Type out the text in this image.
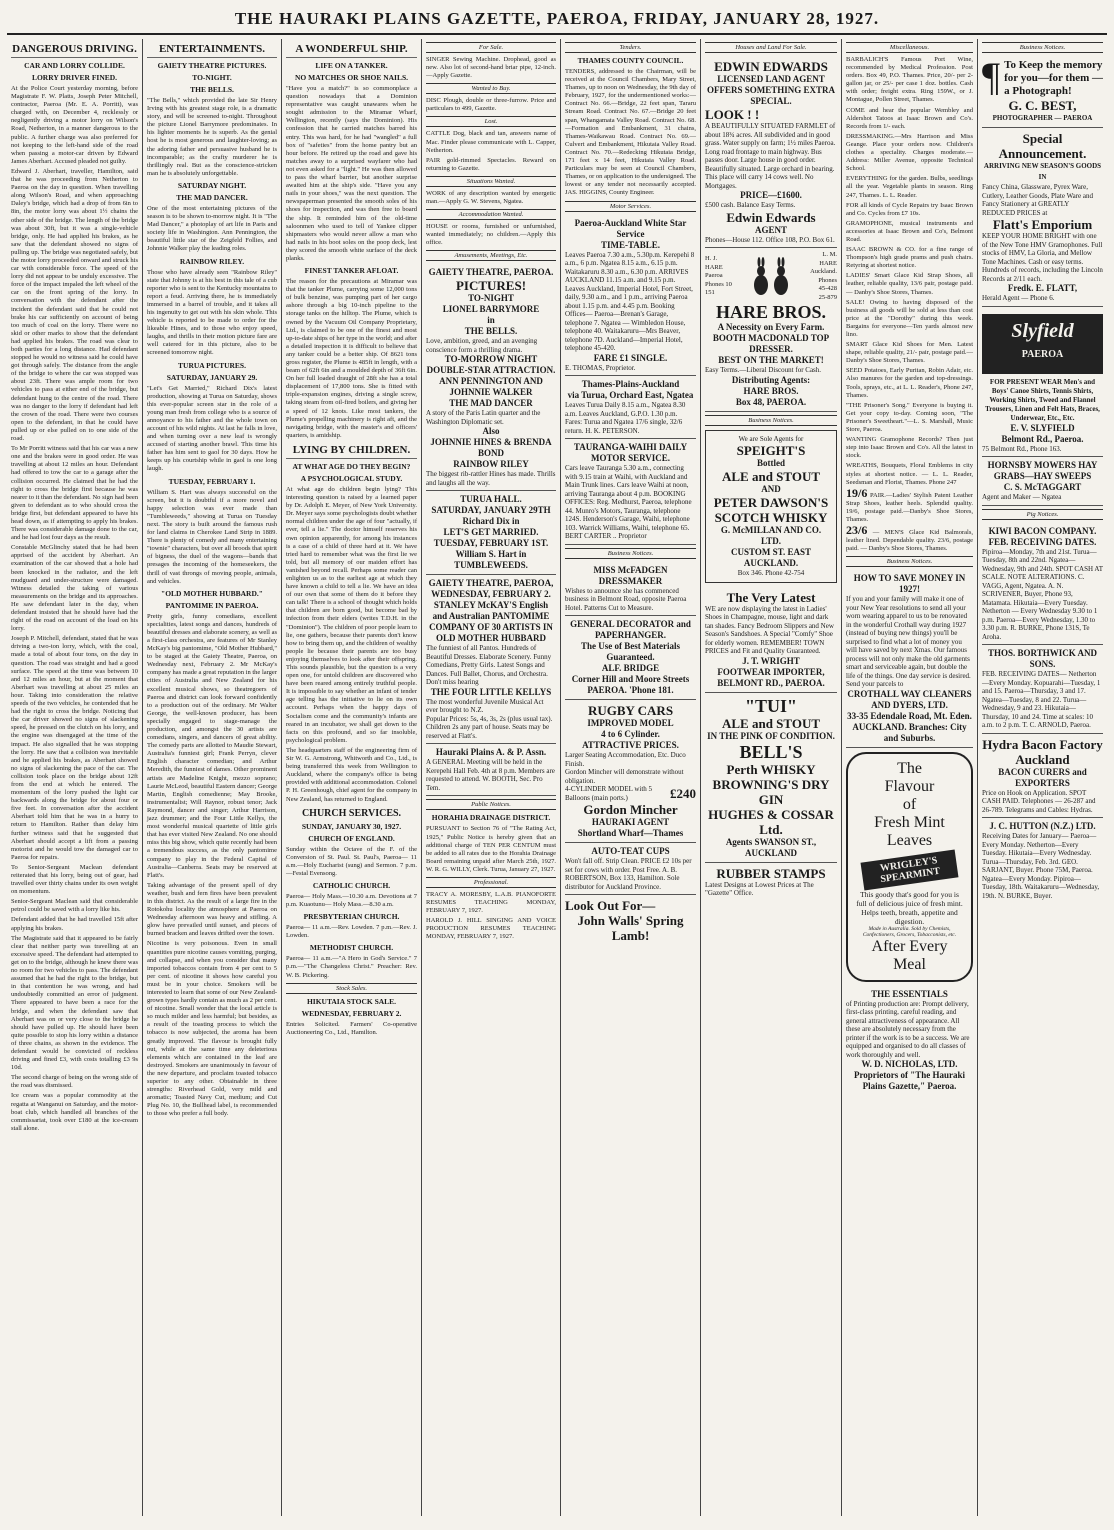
THE HAURAKI PLAINS GAZETTE, PAEROA, FRIDAY, JANUARY 28, 1927.
DANGEROUS DRIVING.
CAR AND LORRY COLLIDE.
LORRY DRIVER FINED.

At the Police Court yesterday morning, before Magistrate F. W. Platts, Joseph Peter Mitchell, contractor, Paeroa (Mr. E. A. Porritt), was charged with, on December 4, recklessly or negligently driving a motor lorry on Wilson's Road, Netherton, in a manner dangerous to the public. A further charge was also preferred for not keeping to the left-hand side of the road when passing a motor-car driven by Edward James Aberhart. Accused pleaded not guilty.

Edward J. Aberhart, traveller, Hamilton, said that he was proceeding from Netherton to Paeroa on the day in question. When travelling along Wilson's Road, and when approaching Daley's bridge, which had a drop of from 6in to 8in, the motor lorry was about 1½ chains the other side of the bridge. The length of the bridge was about 30ft, but it was a single-vehicle bridge, only. He had applied his brakes, as he saw that the defendant showed no signs of pulling up. The bridge was negotiated safely, but the motor lorry proceeded onward and struck his car with considerable force. The speed of the lorry did not appear to be unduly excessive. The force of the impact impaled the left wheel of the car on the front spring of the lorry. In conversation with the defendant after the incident the defendant said that he could not brake his car sufficiently on account of being too much of coal on the lorry. There were no skid or other marks to show that the defendant had applied his brakes. The road was clear to both parties for a long distance. Had defendant stopped he would no witness said he could have got through safely. The distance from the angle of the bridge to where the car was stopped was about 23ft. There was ample room for two vehicles to pass at either end of the bridge, but defendant hung to the centre of the road. There was no danger to the lorry if defendant had left the crown of the road. There were two courses open to the defendant, in that he could have pulled up or else pulled on to one side of the road.

To Mr Porritt witness said that his car was a new one and the brakes were in good order. He was travelling at about 12 miles an hour. Defendant had offered to tow the car to a garage after the collision occurred. He claimed that he had the right to cross the bridge first because he was nearer to it than the defendant. No sign had been given to defendant as to who should cross the bridge first, but defendant appeared to have his head down, as if attempting to apply his brakes. There was considerable damage done to the car, and he had lost four days as the result.

Constable McGlinchy stated that he had been apprised of the accident by Aberhart. An examination of the car showed that a hole had been knocked in the radiator, and the left mudguard and under-structure were damaged. Witness detailed the taking of various measurements on the bridge and its approaches. He saw defendant later in the day, when defendant insisted that he should have had the right of the road on account of the load on his lorry.

Joseph P. Mitchell, defendant, stated that he was driving a two-ton lorry, which, with the coal, made a total of about four tons, on the day in question. The road was straight and had a good surface. The speed at the time was between 10 and 12 miles an hour, but at the moment that Aberhart was travelling at about 25 miles an hour. Taking into consideration the relative speeds of the two vehicles, he contended that he had the right to cross the bridge. Noticing that the car driver showed no signs of slackening speed, he pressed on the clutch on his lorry, and the engine was disengaged at the time of the impact. He also signalled that he was stopping the lorry. He saw that a collision was inevitable and he applied his brakes, as Aberhart showed no signs of slackening the pace of the car. The collision took place on the bridge about 12ft from the end at which he entered. The momentum of the lorry pushed the light car backwards along the bridge for about four or five feet. In conversation after the accident Aberhart told him that he was in a hurry to return to Hamilton. Rather than delay him further witness said that he suggested that Aberhart should accept a lift from a passing motorist and he would tow the damaged car to Paeroa for repairs.

To Senior-Sergeant Maclean defendant reiterated that his lorry, being out of gear, had travelled over thirty chains under its own weight on momentum.

Senior-Sergeant Maclean said that considerable petrol could be saved with a lorry like his.

Defendant added that he had travelled 15ft after applying his brakes.

The Magistrate said that it appeared to be fairly clear that neither party was travelling at an excessive speed. The defendant had attempted to get on to the bridge, although he knew there was no room for two vehicles to pass. The defendant assumed that he had the right to the bridge, but in that contention he was wrong, and had undoubtedly committed an error of judgment. There appeared to have been a race for the bridge, and when the defendant saw that Aberhart was on or very close to the bridge he should have pulled up. He should have been quite possible to stop his lorry within a distance of three chains, as shown in the evidence. The defendant would be convicted of reckless driving and fined £3, with costs totalling £3 9s 10d.

The second charge of being on the wrong side of the road was dismissed.

Ice cream was a popular commodity at the regatta at Wanganui on Saturday, and the motor-boat club, which handled all branches of the commissariat, took over £180 at the ice-cream stall alone.

ENTERTAINMENTS.
GAIETY THEATRE PICTURES.
TO-NIGHT.
THE BELLS.

"The Bells," which provided the late Sir Henry Irving with his greatest stage role, is a dramatic story, and will be screened to-night. Throughout the picture Lionel Barrymore predominates. In his lighter moments he is superb. As the genial host he is most generous and laughter-loving; as the adoring father and persuasive husband he is incomparable; as the crafty murderer he is thrillingly real. But as the conscience-stricken man he is absolutely unforgettable.

SATURDAY NIGHT.
THE MAD DANCER.

One of the most entertaining pictures of the season is to be shown to-morrow night. It is "The Mad Dancer," a photoplay of art life in Paris and society life in Washington. Ann Pennington, the beautiful little star of the Zeigfeld Follies, and Johnnie Walker play the leading roles.

RAINBOW RILEY.

Those who have already seen "Rainbow Riley" state that Johnny is at his best in this tale of a cub reporter who is sent to the Kentucky mountains to report a feud. Arriving there, he is immediately immersed in a barrel of trouble, and it takes all his ingenuity to get out with his skin whole. This vehicle is reported to be made to order for the likeable Hines, and to those who enjoy speed, laughs, and thrills in their motion picture fare are well catered for in this picture, also to be screened tomorrow night.

TURUA PICTURES.
SATURDAY, JANUARY 29.

"Let's Get Married," Richard Dix's latest production, showing at Turua on Saturday, shows this ever-popular screen star in the role of a young man fresh from college who is a source of annoyance to his father and the whole town on account of his wild nights. At last he falls in love, and when turning over a new leaf is wrongly accused of starting another brawl. This time his father has him sent to gaol for 30 days. How he keeps up his courtship while in gaol is one long laugh.

TUESDAY, FEBRUARY 1.

William S. Hart was always successful on the screen, but it is doubtful if a more novel and happy selection was ever made than "Tumbleweeds," showing at Turua on Tuesday next. The story is built around the famous rush for land claims in Cherokee Land Strip in 1889. There is plenty of comedy and many entertaining "townie" characters, but over all broods that spirit of bigness, the duel of the wagons—bands that presages the incoming of the homeseekers, the thrill of vast throngs of moving people, animals, and vehicles.

"OLD MOTHER HUBBARD."
PANTOMIME IN PAEROA.

Pretty girls, funny comedians, excellent specialities, latest songs and dances, hundreds of beautiful dresses and elaborate scenery, as well as a first-class orchestra, are features of Mr Stanley McKay's big pantomime, "Old Mother Hubbard," to be staged at the Gaiety Theatre, Paeroa, on Wednesday next, February 2. Mr McKay's company has made a great reputation in the larger cities of Australia and New Zealand for his excellent musical shows, so theatregoers of Paeroa and district can look forward confidently to a production out of the ordinary. Mr Walter George, the well-known producer, has been specially engaged to stage-manage the production, and amongst the 30 artists are comedians, singers, and dancers of great ability. The comedy parts are allotted to Maudie Stewart, Australia's funniest girl; Frank Perryn, clever English character comedian; and Arthur Meredith, the funniest of dames. Other prominent artists are Madeline Knight, mezzo soprano; Laurie McLeod, beautiful Eastern dancer; George Martin, English comedienne; May Brooke, instrumentalist; Will Raynor, robust tenor; Jack Raymond, dancer and singer; Arthur Harrison, jazz drummer; and the Four Little Kellys, the most wonderful musical quartette of little girls that has ever visited New Zealand. No one should miss this big show, which quite recently had been a tremendous success, as the only pantomime company to play in the Federal Capital of Australia—Canberra. Seats may be reserved at Flatt's.

Taking advantage of the present spell of dry weather, bush and fern fires have been prevalent in this district. As the result of a large fire in the Rotokohu locality the atmosphere at Paeroa on Wednesday afternoon was heavy and stifling. A glow have prevailed until sunset, and pieces of burned bracken and leaves drifted over the town.

Nicotine is very poisonous. Even in small quantities pure nicotine causes vomiting, purging, and collapse, and when you consider that many imported tobaccos contain from 4 per cent to 5 per cent. of nicotine it shows how careful you must be in your choice. Smokers will be interested to learn that some of our New Zealand-grown types hardly contain as much as 2 per cent. of nicotine. Small wonder that the local article is so much milder and less harmful; but besides, as a result of the toasting process to which the tobacco is now subjected, the aroma has been greatly improved. The flavour is brought fully out, while at the same time any deleterious elements which are contained in the leaf are destroyed. Smokers are unanimously in favour of the new departure, and proclaim toasted tobacco superior to any other. Obtainable in three strengths: Riverhead Gold, very mild and aromatic; Toasted Navy Cut, medium; and Cut Plug No. 10, the Bullhead label, is recommended to those who prefer a full body.

A WONDERFUL SHIP.
LIFE ON A TANKER.
NO MATCHES OR SHOE NAILS.

"Have you a match?" is so commonplace a question nowadays that a Dominion representative was caught unawares when he sought admission to the Miramar Wharf, Wellington, recently (says the Dominion). His confession that he carried matches barred his entry. This was hard, for he had "wangled" a full box of "safeties" from the home pantry but an hour before. He retired up the road and gave his matches away to a surprised wayfarer who had not even asked for a "light." He was then allowed to pass the wharf barrier, but another surprise awaited him at the ship's side. "Have you any nails in your shoes," was the next question. The newspaperman presented the smooth soles of his shoes for inspection, and was then free to board the ship. It reminded him of the old-time saloonmen who used to tell of Yankee clipper shipmasters who would never allow a man who had nails in his boot soles on the poop deck, lest they scored the smooth white surface of the deck planks.

FINEST TANKER AFLOAT.

The reason for the precautions at Miramar was that the tanker Plume, carrying some 12,000 tons of bulk benzine, was pumping part of her cargo ashore through a big 10-inch pipeline to the storage tanks on the hilltop. The Plume, which is owned by the Vacuum Oil Company Proprietary, Ltd., is claimed to be one of the finest and most up-to-date ships of her type in the world; and after a detailed inspection it is difficult to believe that any tanker could be a better ship. Of 8621 tons gross register, the Plume is 485ft in length, with a beam of 62ft 6in and a moulded depth of 36ft 6in. On her full loaded draught of 28ft she has a total displacement of 17,800 tons. She is fitted with triple-expansion engines, driving a single screw, taking steam from oil-fired boilers, and giving her a speed of 12 knots. Like most tankers, the Plume's propelling machinery is right aft, and the navigating bridge, with the master's and officers' quarters, is amidship.

LYING BY CHILDREN.
AT WHAT AGE DO THEY BEGIN?
A PSYCHOLOGICAL STUDY.

At what age do children begin lying? This interesting question is raised by a learned paper by Dr. Adolph E. Meyer, of New York University. Dr. Meyer says some psychologists doubt whether normal children under the age of four "actually, if ever, tell a lie." The doctor himself reserves his own opinion apparently, for among his instances is a case of a child of three hard at it. We have tried hard to remember what was the first lie we told, but all memory of our maiden effort has vanished beyond recall. Perhaps some reader can enlighten us as to the earliest age at which they have known a child to tell a lie. We have an idea of our own that some of them do it before they can talk! There is a school of thought which holds that children are born good, but become bad by infection from their elders (writes T.D.H. in the "Dominion"). The children of poor people learn to lie, one gathers, because their parents don't know how to bring them up, and the children of wealthy people lie because their parents are too busy enjoying themselves to look after their offspring. This sounds plausible, but the question is a very open one, for untold children are discovered who have been reared among entirely truthful people. It is impossible to say whether an infant of tender age telling has the initiative to lie on its own account. Perhaps when the happy days of Socialism come and the community's infants are reared in an incubator, we shall get down to the facts on this profound, and so far insoluble, psychological problem.

The headquarters staff of the engineering firm of Sir W. G. Armstrong, Whitworth and Co., Ltd., is being transferred this week from Wellington to Auckland, where the company's office is being provided with additional accommodation. Colonel P. H. Greenhough, chief agent for the company in New Zealand, has returned to England.

CHURCH SERVICES.
SUNDAY, JANUARY 30, 1927.
CHURCH OF ENGLAND.

Sunday within the Octave of the F. of the Conversion of St. Paul. St. Paul's, Paeroa— 11 a.m.—Holy Eucharist (sung) and Sermon. 7 p.m.—Festal Evensong.

CATHOLIC CHURCH.

Paeroa— Holy Mass.—10.30 a.m. Devotions at 7 p.m. Kuaotunu— Holy Mass.—8.30 a.m.

PRESBYTERIAN CHURCH.

Paeroa— 11 a.m.—Rev. Lowden. 7 p.m.—Rev. J. Lowden.

METHODIST CHURCH.

Paeroa— 11 a.m.—"A Hero in God's Service." 7 p.m.—"The Changeless Christ." Preacher: Rev. W. B. Pickering.

Stock Sales.
HIKUTAIA STOCK SALE.
WEDNESDAY, FEBRUARY 2.

Entries Solicited. Farmers' Co-operative Auctioneering Co., Ltd., Hamilton.

For Sale.

SINGER Sewing Machine. Drophead, good as new. Also lot of second-hand briar pipe, 12-inch.—Apply Gazette.

Wanted to Buy.

DISC Plough, double or three-furrow. Price and particulars to 499, Gazette.

Lost.

CATTLE Dog, black and tan, answers name of Mac. Finder please communicate with L. Capper, Netherton.

PAIR gold-rimmed Spectacles. Reward on returning to Gazette.

Situations Wanted.

WORK of any description wanted by energetic man.—Apply G. W. Stevens, Ngatea.

Accommodation Wanted.

HOUSE or rooms, furnished or unfurnished, wanted immediately; no children.—Apply this office.

Amusements, Meetings, Etc.
GAIETY THEATRE, PAEROA.
PICTURES!
TO-NIGHT
LIONEL BARRYMORE
in
THE BELLS.
Love, ambition, greed, and an avenging conscience form a thrilling drama.
TO-MORROW NIGHT
DOUBLE-STAR ATTRACTION.
ANN PENNINGTON AND JOHNNIE WALKER
THE MAD DANCER
A story of the Paris Latin quarter and the Washington Diplomatic set.
Also
JOHNNIE HINES & BRENDA BOND
RAINBOW RILEY
The biggest rib-rattler Hines has made. Thrills and laughs all the way.
TURUA HALL.
SATURDAY, JANUARY 29TH
Richard Dix in
LET'S GET MARRIED.
TUESDAY, FEBRUARY 1ST.
William S. Hart in
TUMBLEWEEDS.
GAIETY THEATRE, PAEROA,
WEDNESDAY, FEBRUARY 2.
STANLEY McKAY'S English and Australian PANTOMIME COMPANY OF 30 ARTISTS IN
OLD MOTHER HUBBARD
The funniest of all Pantos. Hundreds of Beautiful Dresses. Elaborate Scenery. Funny Comedians, Pretty Girls. Latest Songs and Dances. Full Ballet, Chorus, and Orchestra. Don't miss hearing
THE FOUR LITTLE KELLYS
The most wonderful Juvenile Musical Act ever brought to N.Z.
Popular Prices: 5s, 4s, 3s, 2s (plus usual tax). Children 2s any part of house. Seats may be reserved at Flatt's.
Hauraki Plains A. & P. Assn.
A GENERAL Meeting will be held in the Kerepehi Hall Feb. 4th at 8 p.m. Members are requested to attend. W. BOOTH, Sec. Pro Tem.
Public Notices.
HORAHIA DRAINAGE DISTRICT.

PURSUANT to Section 76 of "The Rating Act, 1925," Public Notice is hereby given that an additional charge of TEN PER CENTUM must be added to all rates due to the Horahia Drainage Board remaining unpaid after March 25th, 1927. W. R. G. WILLY, Clerk. Turua, January 27, 1927.

Professional.

TRACY A. MORESBY, L.A.B. PIANOFORTE RESUMES TEACHING MONDAY, FEBRUARY 7, 1927.

HAROLD J. HILL SINGING AND VOICE PRODUCTION RESUMES TEACHING MONDAY, FEBRUARY 7, 1927.

Tenders.
THAMES COUNTY COUNCIL.

TENDERS, addressed to the Chairman, will be received at the Council Chambers, Mary Street, Thames, up to noon on Wednesday, the 9th day of February, 1927, for the undermentioned works:— Contract No. 66.—Bridge, 22 feet span, Tararu Stream Road. Contract No. 67.—Bridge 20 feet span, Whangamata Valley Road. Contract No. 68.—Formation and Embankment, 31 chains, Thames-Waikawau Road. Contract No. 69.—Culvert and Embankment, Hikutaia Valley Road. Contract No. 70.—Redecking Hikutaia Bridge, 171 feet x 14 feet, Hikutaia Valley Road. Particulars may be seen at Council Chambers, Thames, or on application to the undersigned. The lowest or any tender not necessarily accepted. JAS. HIGGINS, County Engineer.

Motor Services.
Paeroa-Auckland White Star Service
TIME-TABLE.
Leaves Paeroa 7.30 a.m., 5.30p.m. Kerepehi 8 a.m., 6 p.m. Ngatea 8.15 a.m., 6.15 p.m. Waitakaruru 8.30 a.m., 6.30 p.m. ARRIVES AUCKLAND 11.15 a.m. and 9.15 p.m. Leaves Auckland, Imperial Hotel, Fort Street, daily, 9.30 a.m., and 1 p.m., arriving Paeroa about 1.15 p.m. and 4.45 p.m. Booking Offices— Paeroa—Brenan's Garage, telephone 7. Ngatea — Wimbledon House, telephone 40. Waitakaruru—Mrs Beaver, telephone 7D. Auckland—Imperial Hotel, telephone 45-420.
FARE £1 SINGLE.
E. THOMAS, Proprietor.
Thames-Plains-Auckland
via Turua, Orchard East, Ngatea
Leaves Turua Daily 8.15 a.m., Ngatea 8.30 a.m. Leaves Auckland, G.P.O. 1.30 p.m. Fares: Turua and Ngatea 17/6 single, 32/6 return. H. K. PETERSON.
TAURANGA-WAIHI DAILY MOTOR SERVICE.
Cars leave Tauranga 5.30 a.m., connecting with 9.15 train at Waihi, with Auckland and Main Trunk lines. Cars leave Waihi at noon, arriving Tauranga about 4 p.m. BOOKING OFFICES: Reg. Medhurst, Paeroa, telephone 44. Munro's Motors, Tauranga, telephone 124S. Henderson's Garage, Waihi, telephone 103. Warrick Williams, Waihi, telephone 65. BERT CARTER .. Proprietor
Business Notices.
MISS McFADGEN DRESSMAKER
Wishes to announce she has commenced business in Belmont Road, opposite Paeroa Hotel. Patterns Cut to Measure.
GENERAL DECORATOR and PAPERHANGER.
The Use of Best Materials Guaranteed.
ALF. BRIDGE
Corner Hill and Moore Streets PAEROA. 'Phone 181.
RUGBY CARS
IMPROVED MODEL
4 to 6 Cylinder.
ATTRACTIVE PRICES.
Larger Seating Accommodation, Etc. Duco Finish.
Gordon Mincher will demonstrate without obligation.
4-CYLINDER MODEL with 5 Balloons (main ports.)	£240
Gordon Mincher
HAURAKI AGENT
Shortland Wharf—Thames
AUTO-TEAT CUPS
Won't fall off. Strip Clean. PRICE £2 10s per set for cows with order. Post Free. A. B. ROBERTSON, Box 133, Hamilton. Sole distributor for Auckland Province.
Look Out For—
John Walls' Spring Lamb!
Houses and Land For Sale.
EDWIN EDWARDS
LICENSED LAND AGENT OFFERS SOMETHING EXTRA SPECIAL.
LOOK ! !
A BEAUTIFULLY SITUATED FARMLET of about 18¾ acres. All subdivided and in good grass. Water supply on farm; 1½ miles Paeroa. Long road frontage to main highway. Bus passes door. Large house in good order. Beautifully situated. Large orchard in bearing. This place will carry 14 cows well. No Mortgages.
PRICE—£1600.
£500 cash. Balance Easy Terms.
Edwin Edwards
AGENT
Phones—House 112. Office 108, P.O. Box 61.
H. J. HARE Paeroa Phones 10 151
L. M. HARE Auckland. Phones 45-428 25-879
HARE BROS.
A Necessity on Every Farm.
BOOTH MACDONALD TOP DRESSER.
BEST ON THE MARKET!
Easy Terms.—Liberal Discount for Cash.
Distributing Agents:
HARE BROS.
Box 48, PAEROA.
Business Notices.
We are Sole Agents for
SPEIGHT'S
Bottled
ALE and STOUT
AND
PETER DAWSON'S
SCOTCH WHISKY
G. McMILLAN AND CO. LTD.
CUSTOM ST. EAST AUCKLAND.
Box 346. Phone 42-754
The Very Latest
WE are now displaying the latest in Ladies' Shoes in Champagne, mouse, light and dark tan shades. Fancy Bedroom Slippers and New Season's Sandshoes. A Special "Comfy" Shoe for elderly women. REMEMBER! TOWN PRICES and Fit and Quality Guaranteed.
J. T. WRIGHT
FOOTWEAR IMPORTER, BELMONT RD., PAEROA.
"TUI"
ALE and STOUT
IN THE PINK OF CONDITION.
BELL'S
Perth WHISKY
BROWNING'S DRY GIN
HUGHES & COSSAR Ltd.
Agents SWANSON ST., AUCKLAND
RUBBER STAMPS
Latest Designs at Lowest Prices at The "Gazette" Office.
Miscellaneous.

BARBALICH'S Famous Port Wine, recommended by Medical Profession. Post orders. Box 49, P.O. Thames. Price, 20/- per 2-gallon jar, or 25/- per case 1 doz. bottles. Cash with order; freight extra. Ring 159W., or J. Montague, Pollen Street, Thames.

COME and hear the popular Wembley and Aldershot Tatoos at Isaac Brown and Co's. Records from 1/- each.

DRESSMAKING.—Mrs Harrison and Miss Geange. Place your orders now. Children's clothes a speciality. Charges moderate.—Address: Miller Avenue, opposite Technical School.

EVERYTHING for the garden. Bulbs, seedlings all the year. Vegetable plants in season. Ring 247, Thames. L. L. Reader.

FOR all kinds of Cycle Repairs try Isaac Brown and Co. Cycles from £7 10s.

GRAMOPHONE, musical instruments and accessories at Isaac Brown and Co's, Belmont Road.

ISAAC BROWN & CO. for a fine range of Thompson's high grade prams and push chairs. Retyring at shortest notice.

LADIES' Smart Glace Kid Strap Shoes, all leather, reliable quality, 13/6 pair, postage paid. — Danby's Shoe Stores, Thames.

SALE! Owing to having disposed of the business all goods will be sold at less than cost price at the "Dorothy" during this week. Bargains for everyone—Ten yards almost new lino.

SMART Glace Kid Shoes for Men. Latest shape, reliable quality, 21/- pair, postage paid.—Danby's Shoe Stores, Thames.

SEED Potatoes, Early Puritan, Robin Adair, etc. Also manures for the garden and top-dressings. Tools, sprays, etc., at L. L. Reader's, Phone 247, Thames.

"THE Prisoner's Song." Everyone is buying it. Get your copy to-day. Coming soon, "The Prisoner's Sweetheart."—L. S. Marshall, Music Store, Paeroa.

WANTING Gramophone Records? Then just step into Isaac Brown and Co's. All the latest in stock.

WREATHS, Bouquets, Floral Emblems in city styles at shortest notice. — L. L. Reader, Seedsman and Florist, Thames. Phone 247

19/6 PAIR.—Ladies' Stylish Patent Leather Strap Shoes, leather heels. Splendid quality. 19/6, postage paid.—Danby's Shoe Stores, Thames.

23/6 — MEN'S Glace Kid Balmorals, leather lined. Dependable quality. 23/6, postage paid. — Danby's Shoe Stores, Thames.

Business Notices.
HOW TO SAVE MONEY IN 1927!
If you and your family will make it one of your New Year resolutions to send all your worn wearing apparel to us to be renovated in the wonderful Crothall way during 1927 (instead of buying new things) you'll be surprised to find what a lot of money you will have saved by next Xmas. Our famous process will not only make the old garments smart and serviceable again, but double the life of the things. One day service is desired. Send your parcels to
CROTHALL WAY CLEANERS AND DYERS, LTD.
33-35 Edendale Road, Mt. Eden. AUCKLAND. Branches: City and Suburbs.
The
Flavour
of
Fresh Mint Leaves
WRIGLEY'S SPEARMINT
This goody that's good for you is full of delicious juice of fresh mint.
Helps teeth, breath, appetite and digestion.
Made in Australia. Sold by Chemists, Confectioners, Grocers, Tobacconists, etc.
After Every Meal
THE ESSENTIALS
of Printing production are: Prompt delivery, first-class printing, careful reading, and general attractiveness of appearance. All these are absolutely necessary from the printer if the work is to be a success. We are equipped and organised to do all classes of work thoroughly and well.
W. D. NICHOLAS, LTD.
Proprietors of "The Hauraki Plains Gazette," Paeroa.
Business Notices.
¶ To Keep the memory for you—for them —a Photograph!
G. C. BEST,
PHOTOGRAPHER — PAEROA
Special Announcement.
ARRIVING NEW SEASON'S GOODS IN
Fancy China, Glassware, Pyrex Ware, Cutlery, Leather Goods, Plate Ware and Fancy Stationery at GREATLY REDUCED PRICES at
Flatt's Emporium
KEEP YOUR HOME BRIGHT with one of the New Tone HMV Gramophones. Full stocks of HMV, La Gloria, and Mellow Tone Machines. Cash or easy terms. Hundreds of records, including the Lincoln Records at 2/11 each.
Fredk. E. FLATT,
Herald Agent — Phone 6.
Slyfield
PAEROA
FOR PRESENT WEAR Men's and Boys' Canoe Shirts, Tennis Shirts, Working Shirts, Tweed and Flannel Trousers, Linen and Felt Hats, Braces, Underwear, Etc., Etc.
E. V. SLYFIELD
Belmont Rd., Paeroa.
75 Belmont Rd., Phone 163.
HORNSBY MOWERS HAY GRABS—HAY SWEEPS
C. S. McTAGGART
Agent and Maker — Ngatea
Pig Notices.
KIWI BACON COMPANY.
FEB. RECEIVING DATES.
Pipiroa—Monday, 7th and 21st. Turua—Tuesday, 8th and 22nd. Ngatea—Wednesday, 9th and 24th. SPOT CASH AT SCALE. NOTE ALTERATIONS. C. VAGG, Agent, Ngatea. A. N. SCRIVENER, Buyer, Phone 93, Matamata. Hikutaia—Every Tuesday. Netherton — Every Wednesday 9.30 to 1 p.m. Paeroa—Every Wednesday, 1.30 to 3.30 p.m. R. BURKE, Phone 131S, Te Aroha.
THOS. BORTHWICK AND SONS.
FEB. RECEIVING DATES— Netherton—Every Monday. Kopuarahi—Tuesday, 1 and 15. Paeroa—Thursday, 3 and 17. Ngatea—Tuesday, 8 and 22. Turua—Wednesday, 9 and 23. Hikutaia—Thursday, 10 and 24. Time at scales: 10 a.m. to 2 p.m. T. C. ARNOLD, Paeroa.
Hydra Bacon Factory Auckland
BACON CURERS and EXPORTERS
Price on Hook on Application. SPOT CASH PAID. Telephones — 26-287 and 26-789. Telegrams and Cables: Hydras.
J. C. HUTTON (N.Z.) LTD.
Receiving Dates for January— Paeroa—Every Monday. Netherton—Every Tuesday. Hikutaia—Every Wednesday. Turua—Thursday, Feb. 3rd. GEO. SARJANT, Buyer. Phone 75M, Paeroa. Ngatea—Every Monday. Pipiroa—Tuesday, 18th. Waitakaruru—Wednesday, 19th. N. BURKE, Buyer.
